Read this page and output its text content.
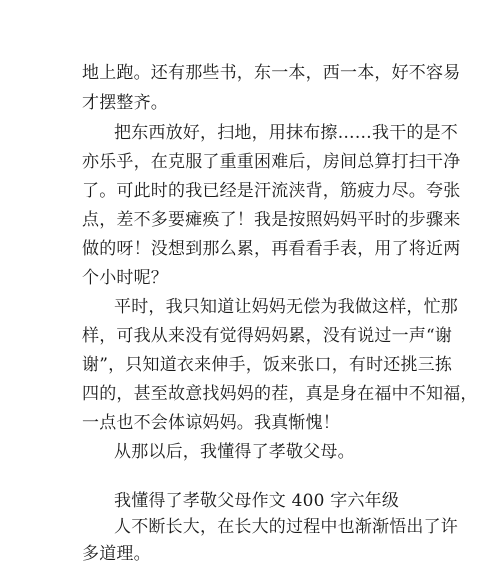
地上跑。还有那些书，东一本，西一本，好不容易
才摆整齐。
把东西放好，扫地，用抹布擦……我干的是不
亦乐乎，在克服了重重困难后，房间总算打扫干净
了。可此时的我已经是汗流浃背，筋疲力尽。夸张
点，差不多要瘫痪了！我是按照妈妈平时的步骤来
做的呀！没想到那么累，再看看手表，用了将近两
个小时呢？
平时，我只知道让妈妈无偿为我做这样，忙那
样，可我从来没有觉得妈妈累，没有说过一声“谢
谢”，只知道衣来伸手，饭来张口，有时还挑三拣
四的，甚至故意找妈妈的茬，真是身在福中不知福，
一点也不会体谅妈妈。我真惭愧！
从那以后，我懂得了孝敬父母。
我懂得了孝敬父母作文 400 字六年级
人不断长大，在长大的过程中也渐渐悟出了许
多道理。
